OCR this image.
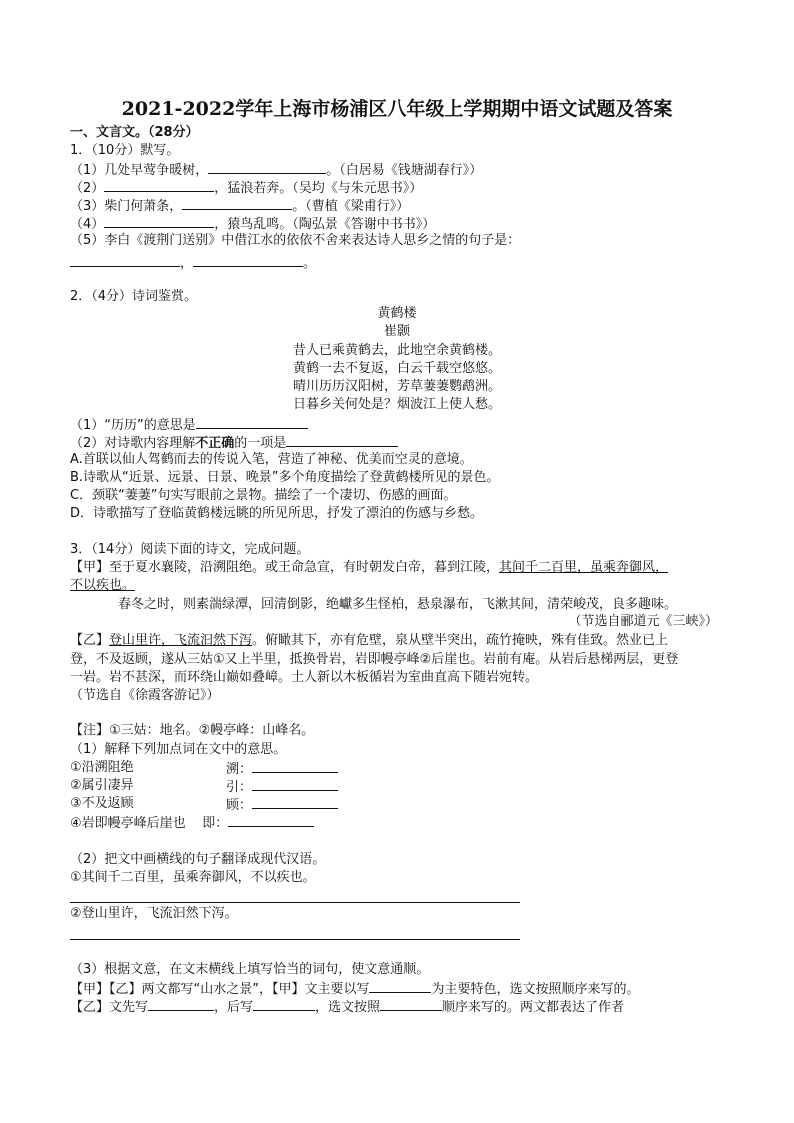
2021-2022学年上海市杨浦区八年级上学期期中语文试题及答案
一、文言文。（28分）
1．（10分）默写。
（1）几处早莺争暖树，	。（白居易《钱塘湖春行》）
（2）	，猛浪若奔。（吴均《与朱元思书》）
（3）柴门何萧条，	。（曹植《梁甫行》）
（4）	，猿鸟乱鸣。（陶弘景《答谢中书书》）
（5）李白《渡荆门送别》中借江水的依依不舍来表达诗人思乡之情的句子是：
，	。
2．（4分）诗词鉴赏。
黄鹤楼
崔颢
昔人已乘黄鹤去，此地空余黄鹤楼。
黄鹤一去不复返，白云千载空悠悠。
晴川历历汉阳树，芳草萋萋鹦鹉洲。
日暮乡关何处是？烟波江上使人愁。
（1）“历历”的意思是
（2）对诗歌内容理解不正确的一项是
A.首联以仙人驾鹤而去的传说入笔，营造了神秘、优美而空灵的意境。
B.诗歌从“近景、远景、日景、晚景”多个角度描绘了登黄鹤楼所见的景色。
C．颈联“萋萋”句实写眼前之景物。描绘了一个凄切、伤感的画面。
D．诗歌描写了登临黄鹤楼远眺的所见所思，抒发了漂泊的伤感与乡愁。
3．（14分）阅读下面的诗文，完成问题。
【甲】至于夏水襄陵，沿溯阻绝。或王命急宣，有时朝发白帝，暮到江陵，其间千二百里，虽乘奔御风，
不以疾也。
春冬之时，则素湍绿潭，回清倒影，绝巘多生怪柏，悬泉瀑布，飞漱其间，清荣峻茂，良多趣味。
（节选自郦道元《三峡》）
【乙】登山里许，飞流汩然下泻。俯瞰其下，亦有危壁，泉从壁半突出，疏竹掩映，殊有佳致。然业已上
登，不及返顾，遂从三姑①又上半里，抵换骨岩，岩即幔亭峰②后崖也。岩前有庵。从岩后悬梯两层，更登
一岩。岩不甚深，而环绕山巅如叠嶂。土人新以木板循岩为室曲直高下随岩宛转。
（节选自《徐霞客游记》）
【注】①三姑：地名。②幔亭峰：山峰名。
（1）解释下列加点词在文中的意思。
①沿溯阻绝	溯：
②属引凄异	引：
③不及返顾	顾：
④岩即幔亭峰后崖也 即：
（2）把文中画横线的句子翻译成现代汉语。
①其间千二百里，虽乘奔御风，不以疾也。
②登山里许，飞流汩然下泻。
（3）根据文意，在文末横线上填写恰当的词句，使文意通顺。
【甲】【乙】两文都写“山水之景”，【甲】文主要以写	为主要特色，选文按照顺序来写的。
【乙】文先写	，后写	，选文按照	顺序来写的。两文都表达了作者
